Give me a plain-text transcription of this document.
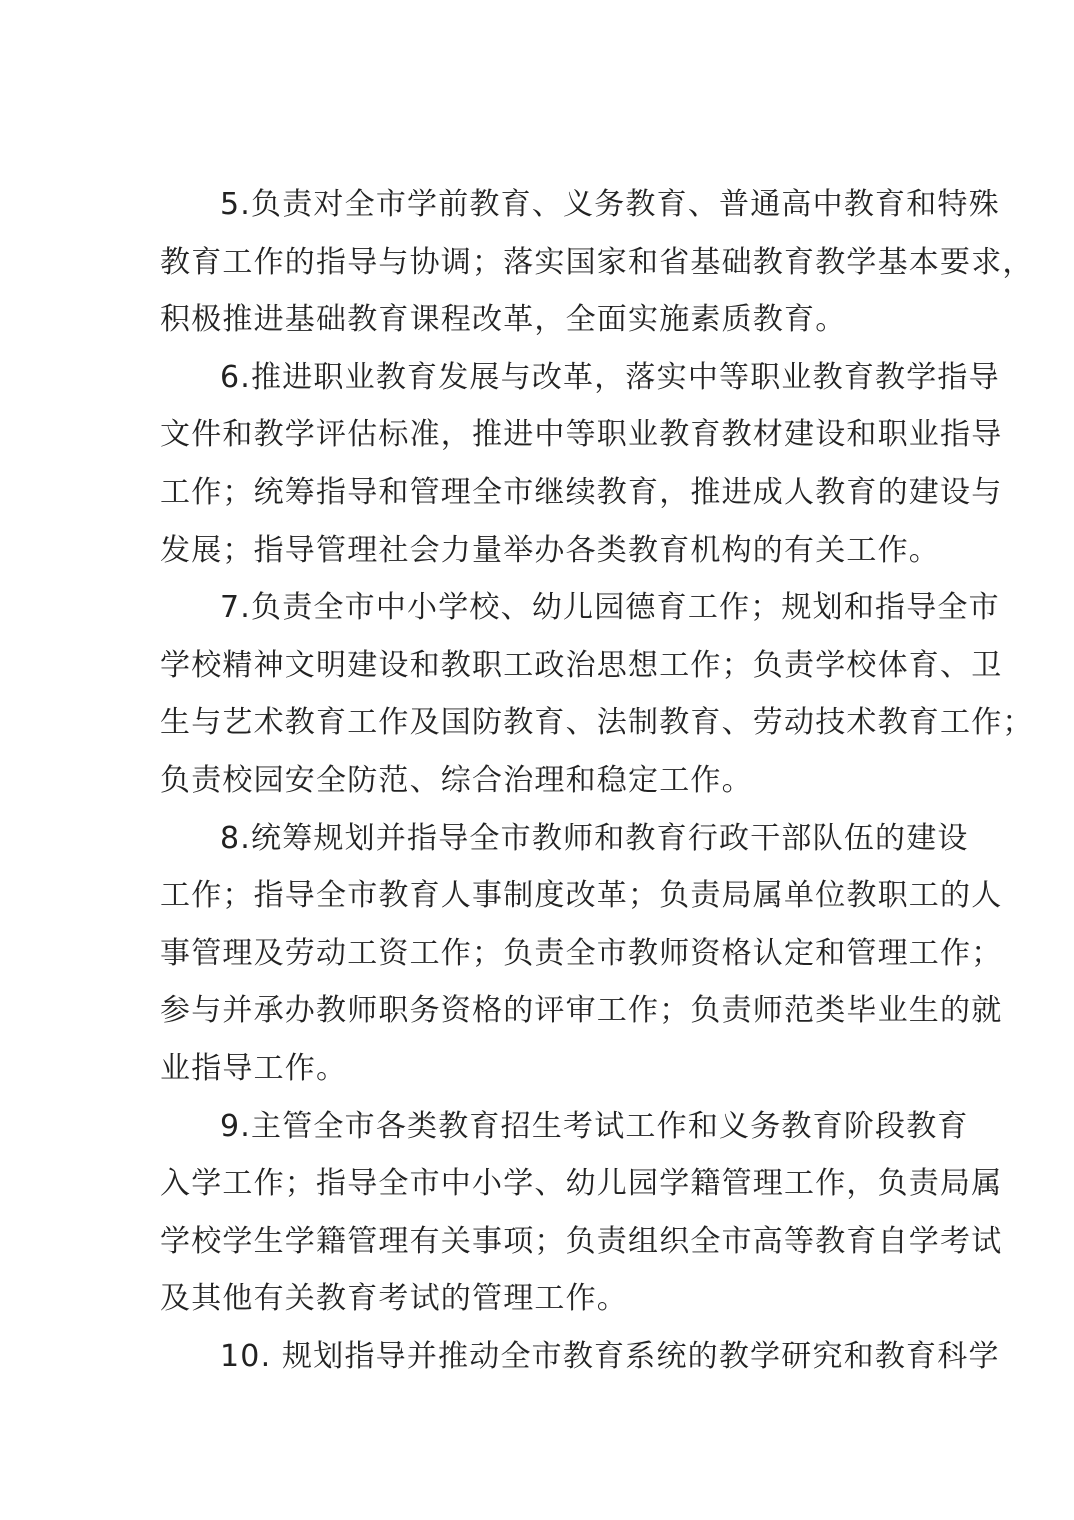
5.负责对全市学前教育、义务教育、普通高中教育和特殊
教育工作的指导与协调；落实国家和省基础教育教学基本要求，
积极推进基础教育课程改革，全面实施素质教育。
6.推进职业教育发展与改革，落实中等职业教育教学指导
文件和教学评估标准，推进中等职业教育教材建设和职业指导
工作；统筹指导和管理全市继续教育，推进成人教育的建设与
发展；指导管理社会力量举办各类教育机构的有关工作。
7.负责全市中小学校、幼儿园德育工作；规划和指导全市
学校精神文明建设和教职工政治思想工作；负责学校体育、卫
生与艺术教育工作及国防教育、法制教育、劳动技术教育工作；
负责校园安全防范、综合治理和稳定工作。
8.统筹规划并指导全市教师和教育行政干部队伍的建设
工作；指导全市教育人事制度改革；负责局属单位教职工的人
事管理及劳动工资工作；负责全市教师资格认定和管理工作；
参与并承办教师职务资格的评审工作；负责师范类毕业生的就
业指导工作。
9.主管全市各类教育招生考试工作和义务教育阶段教育
入学工作；指导全市中小学、幼儿园学籍管理工作，负责局属
学校学生学籍管理有关事项；负责组织全市高等教育自学考试
及其他有关教育考试的管理工作。
10. 规划指导并推动全市教育系统的教学研究和教育科学
